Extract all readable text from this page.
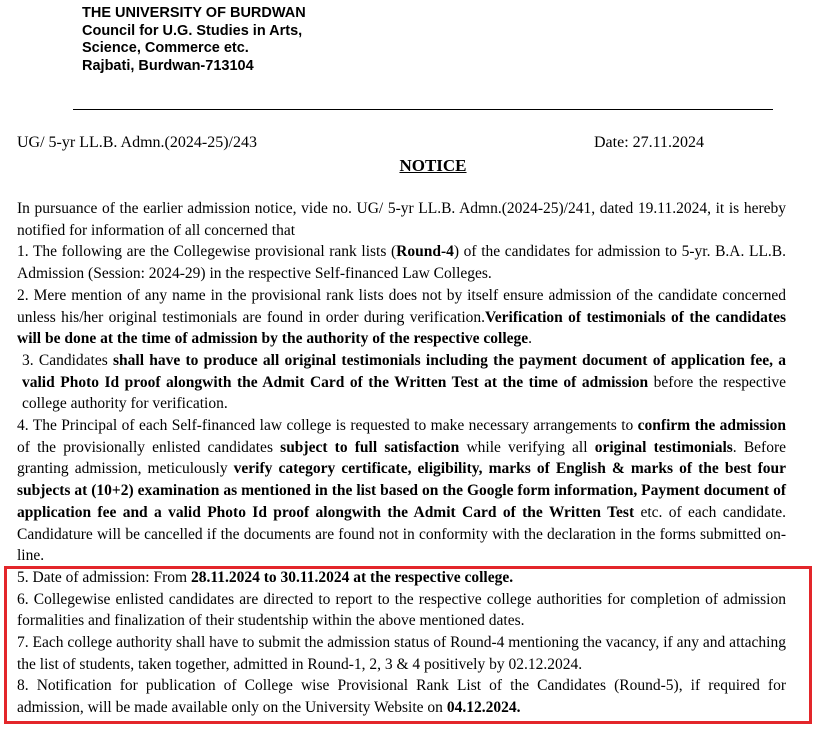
THE UNIVERSITY OF BURDWAN
Council for U.G. Studies in Arts,
Science, Commerce etc.
Rajbati, Burdwan-713104
UG/ 5-yr LL.B. Admn.(2024-25)/243	Date: 27.11.2024
NOTICE

In pursuance of the earlier admission notice, vide no. UG/ 5-yr LL.B. Admn.(2024-25)/241, dated 19.11.2024, it is hereby notified for information of all concerned that

1. The following are the Collegewise provisional rank lists (Round-4) of the candidates for admission to 5-yr. B.A. LL.B. Admission (Session: 2024-29) in the respective Self-financed Law Colleges.

2. Mere mention of any name in the provisional rank lists does not by itself ensure admission of the candidate concerned unless his/her original testimonials are found in order during verification.Verification of testimonials of the candidates will be done at the time of admission by the authority of the respective college.

3. Candidates shall have to produce all original testimonials including the payment document of application fee, a valid Photo Id proof alongwith the Admit Card of the Written Test at the time of admission before the respective college authority for verification.

4. The Principal of each Self-financed law college is requested to make necessary arrangements to confirm the admission of the provisionally enlisted candidates subject to full satisfaction while verifying all original testimonials. Before granting admission, meticulously verify category certificate, eligibility, marks of English & marks of the best four subjects at (10+2) examination as mentioned in the list based on the Google form information, Payment document of application fee and a valid Photo Id proof alongwith the Admit Card of the Written Test etc. of each candidate. Candidature will be cancelled if the documents are found not in conformity with the declaration in the forms submitted on-line.

5. Date of admission: From 28.11.2024 to 30.11.2024 at the respective college.

6. Collegewise enlisted candidates are directed to report to the respective college authorities for completion of admission formalities and finalization of their studentship within the above mentioned dates.

7. Each college authority shall have to submit the admission status of Round-4 mentioning the vacancy, if any and attaching the list of students, taken together, admitted in Round-1, 2, 3 & 4 positively by 02.12.2024.

8. Notification for publication of College wise Provisional Rank List of the Candidates (Round-5), if required for admission, will be made available only on the University Website on 04.12.2024.
